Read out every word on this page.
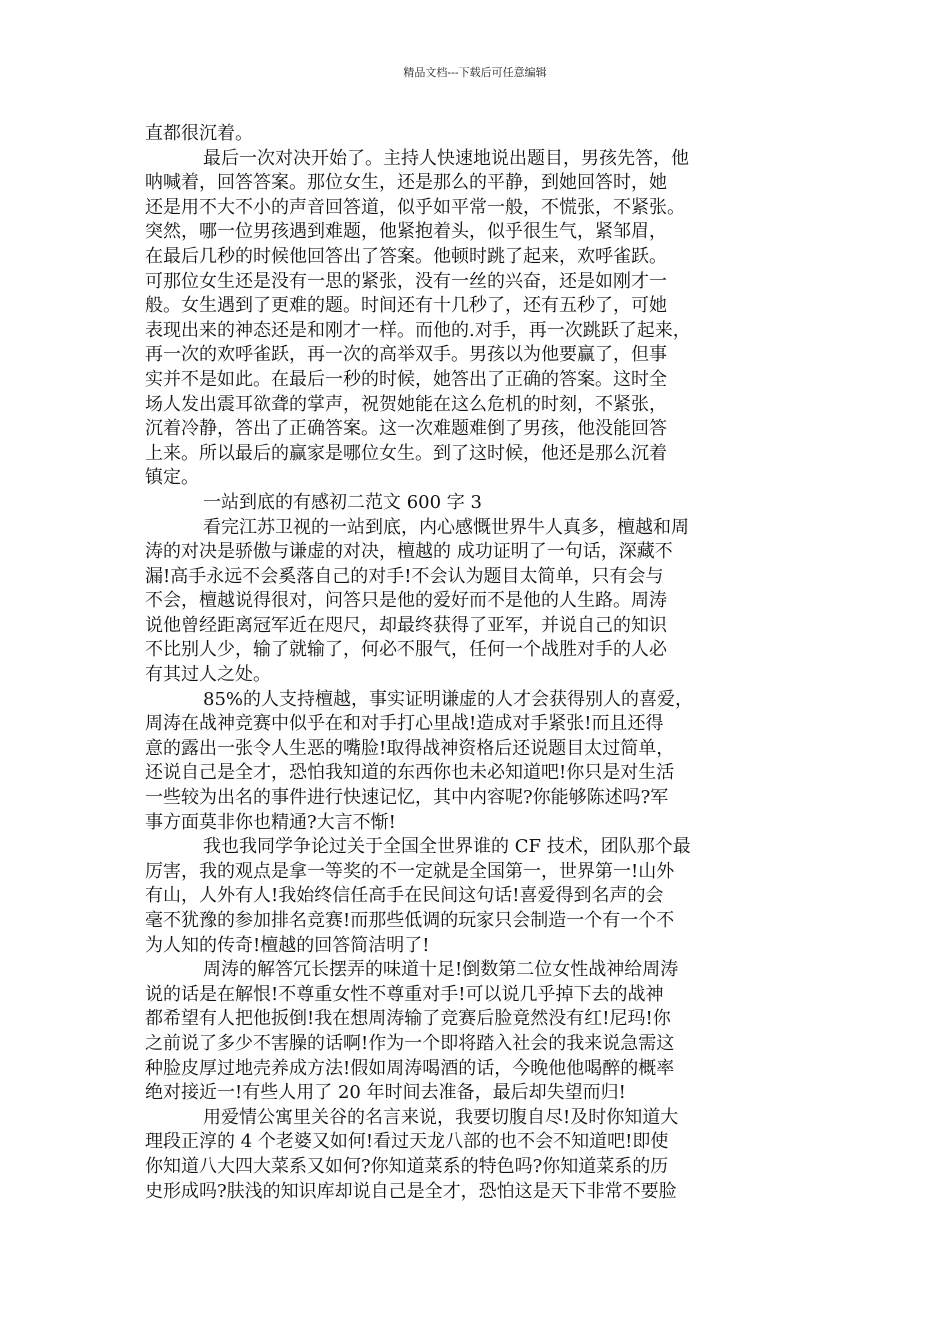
精品文档---下载后可任意编辑
直都很沉着。
最后一次对决开始了。主持人快速地说出题目，男孩先答，他
呐喊着，回答答案。那位女生，还是那么的平静，到她回答时，她
还是用不大不小的声音回答道，似乎如平常一般，不慌张，不紧张。
突然，哪一位男孩遇到难题，他紧抱着头，似乎很生气，紧邹眉，
在最后几秒的时候他回答出了答案。他顿时跳了起来，欢呼雀跃。
可那位女生还是没有一思的紧张，没有一丝的兴奋，还是如刚才一
般。女生遇到了更难的题。时间还有十几秒了，还有五秒了，可她
表现出来的神态还是和刚才一样。而他的.对手，再一次跳跃了起来，
再一次的欢呼雀跃，再一次的高举双手。男孩以为他要赢了，但事
实并不是如此。在最后一秒的时候，她答出了正确的答案。这时全
场人发出震耳欲聋的掌声，祝贺她能在这么危机的时刻，不紧张，
沉着冷静，答出了正确答案。这一次难题难倒了男孩，他没能回答
上来。所以最后的赢家是哪位女生。到了这时候，他还是那么沉着
镇定。
一站到底的有感初二范文 600 字 3
看完江苏卫视的一站到底，内心感慨世界牛人真多，檀越和周
涛的对决是骄傲与谦虚的对决，檀越的 成功证明了一句话，深藏不
漏!高手永远不会奚落自己的对手!不会认为题目太简单，只有会与
不会，檀越说得很对，问答只是他的爱好而不是他的人生路。周涛
说他曾经距离冠军近在咫尺，却最终获得了亚军，并说自己的知识
不比别人少，输了就输了，何必不服气，任何一个战胜对手的人必
有其过人之处。
85%的人支持檀越，事实证明谦虚的人才会获得别人的喜爱，
周涛在战神竞赛中似乎在和对手打心里战!造成对手紧张!而且还得
意的露出一张令人生恶的嘴脸!取得战神资格后还说题目太过简单，
还说自己是全才，恐怕我知道的东西你也未必知道吧!你只是对生活
一些较为出名的事件进行快速记忆，其中内容呢?你能够陈述吗?军
事方面莫非你也精通?大言不惭!
我也我同学争论过关于全国全世界谁的 CF 技术，团队那个最
厉害，我的观点是拿一等奖的不一定就是全国第一，世界第一!山外
有山，人外有人!我始终信任高手在民间这句话!喜爱得到名声的会
毫不犹豫的参加排名竞赛!而那些低调的玩家只会制造一个有一个不
为人知的传奇!檀越的回答简洁明了!
周涛的解答冗长摆弄的味道十足!倒数第二位女性战神给周涛
说的话是在解恨!不尊重女性不尊重对手!可以说几乎掉下去的战神
都希望有人把他扳倒!我在想周涛输了竞赛后脸竟然没有红!尼玛!你
之前说了多少不害臊的话啊!作为一个即将踏入社会的我来说急需这
种脸皮厚过地壳养成方法!假如周涛喝酒的话，今晚他他喝醉的概率
绝对接近一!有些人用了 20 年时间去准备，最后却失望而归!
用爱情公寓里关谷的名言来说，我要切腹自尽!及时你知道大
理段正淳的 4 个老婆又如何!看过天龙八部的也不会不知道吧!即使
你知道八大四大菜系又如何?你知道菜系的特色吗?你知道菜系的历
史形成吗?肤浅的知识库却说自己是全才，恐怕这是天下非常不要脸
